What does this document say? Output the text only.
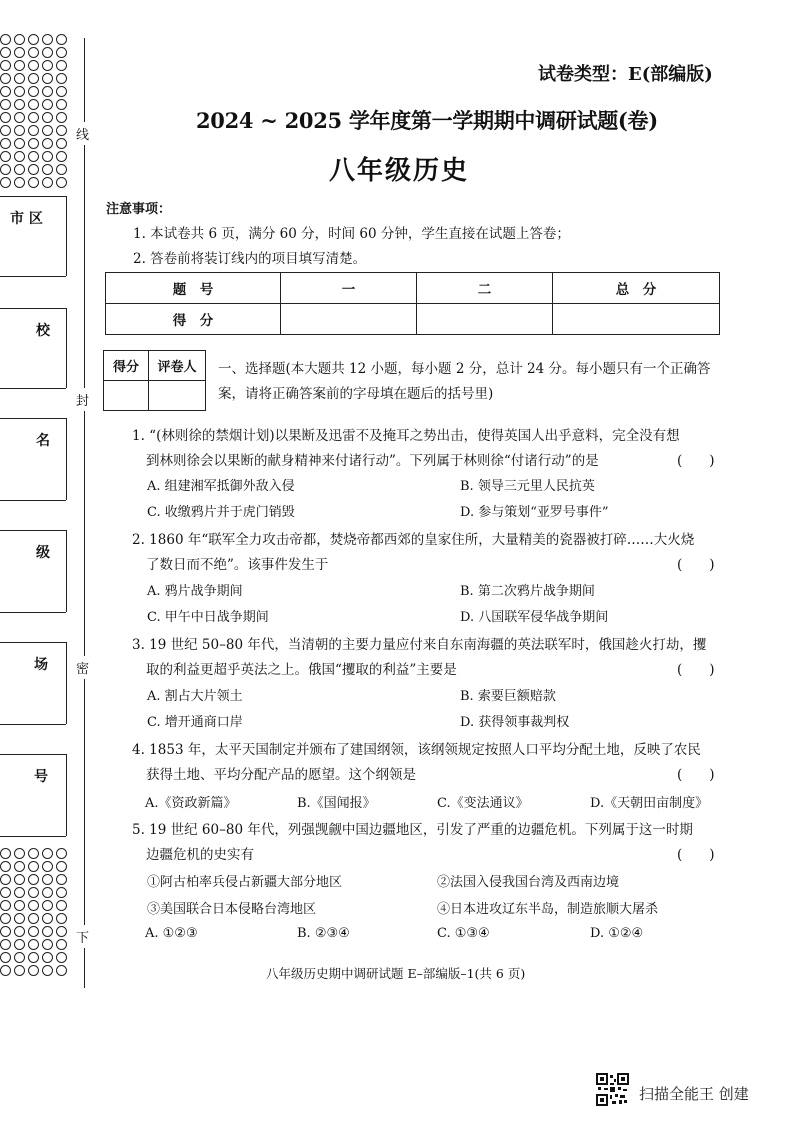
线
封
密
下
市 区
校
名
级
场
号
试卷类型：E(部编版)
2024 ~ 2025 学年度第一学期期中调研试题(卷)
八年级历史
注意事项：
1. 本试卷共 6 页，满分 60 分，时间 60 分钟，学生直接在试题上答卷；
2. 答卷前将装订线内的项目填写清楚。
题　号	一	二	总　分
得　分			
得分	评卷人
	一、选择题(本大题共 12 小题，每小题 2 分，总计 24 分。每小题只有一个正确答
案，请将正确答案前的字母填在题后的括号里)
1. “(林则徐的禁烟计划)以果断及迅雷不及掩耳之势出击，使得英国人出乎意料，完全没有想
到林则徐会以果断的献身精神来付诸行动”。下列属于林则徐“付诸行动”的是	(　　)
A. 组建湘军抵御外敌入侵	B. 领导三元里人民抗英
C. 收缴鸦片并于虎门销毁	D. 参与策划“亚罗号事件”
2. 1860 年“联军全力攻击帝都，焚烧帝都西郊的皇家住所，大量精美的瓷器被打碎……大火烧
了数日而不绝”。该事件发生于	(　　)
A. 鸦片战争期间	B. 第二次鸦片战争期间
C. 甲午中日战争期间	D. 八国联军侵华战争期间
3. 19 世纪 50–80 年代，当清朝的主要力量应付来自东南海疆的英法联军时，俄国趁火打劫，攫
取的利益更超乎英法之上。俄国“攫取的利益”主要是	(　　)
A. 割占大片领土	B. 索要巨额赔款
C. 增开通商口岸	D. 获得领事裁判权
4. 1853 年，太平天国制定并颁布了建国纲领，该纲领规定按照人口平均分配土地，反映了农民
获得土地、平均分配产品的愿望。这个纲领是	(　　)
A.《资政新篇》	B.《国闻报》	C.《变法通议》	D.《天朝田亩制度》
5. 19 世纪 60–80 年代，列强觊觎中国边疆地区，引发了严重的边疆危机。下列属于这一时期
边疆危机的史实有	(　　)
①阿古柏率兵侵占新疆大部分地区	②法国入侵我国台湾及西南边境
③美国联合日本侵略台湾地区	④日本进攻辽东半岛，制造旅顺大屠杀
A. ①②③	B. ②③④	C. ①③④	D. ①②④
八年级历史期中调研试题 E–部编版–1(共 6 页)
扫描全能王 创建
